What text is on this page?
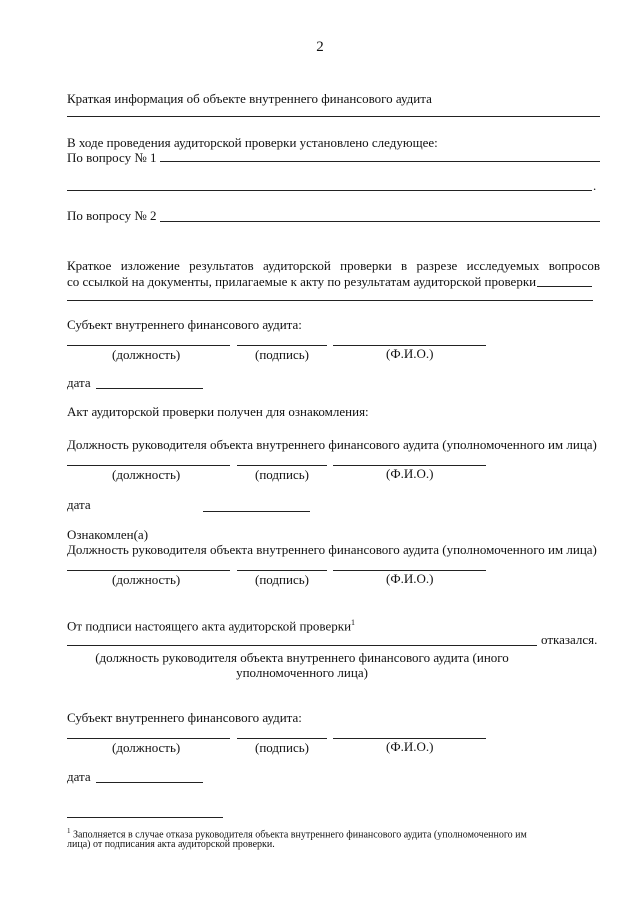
2
Краткая информация об объекте внутреннего финансового аудита
В ходе проведения аудиторской проверки установлено следующее:
По вопросу № 1
.
По вопросу № 2
Краткое изложение результатов аудиторской проверки в разрезе исследуемых вопросов
со ссылкой на документы, прилагаемые к акту по результатам аудиторской проверки
Субъект внутреннего финансового аудита:
(должность)	(подпись)	(Ф.И.О.)
дата
Акт аудиторской проверки получен для ознакомления:
Должность руководителя объекта внутреннего финансового аудита (уполномоченного им лица)
(должность)	(подпись)	(Ф.И.О.)
дата
Ознакомлен(а)
Должность руководителя объекта внутреннего финансового аудита (уполномоченного им лица)
(должность)	(подпись)	(Ф.И.О.)
От подписи настоящего акта аудиторской проверки$^1$
отказался.
(должность руководителя объекта внутреннего финансового аудита (иного
уполномоченного лица)
Субъект внутреннего финансового аудита:
(должность)	(подпись)	(Ф.И.О.)
дата
$^1$ Заполняется в случае отказа руководителя объекта внутреннего финансового аудита (уполномоченного им
лица) от подписания акта аудиторской проверки.
